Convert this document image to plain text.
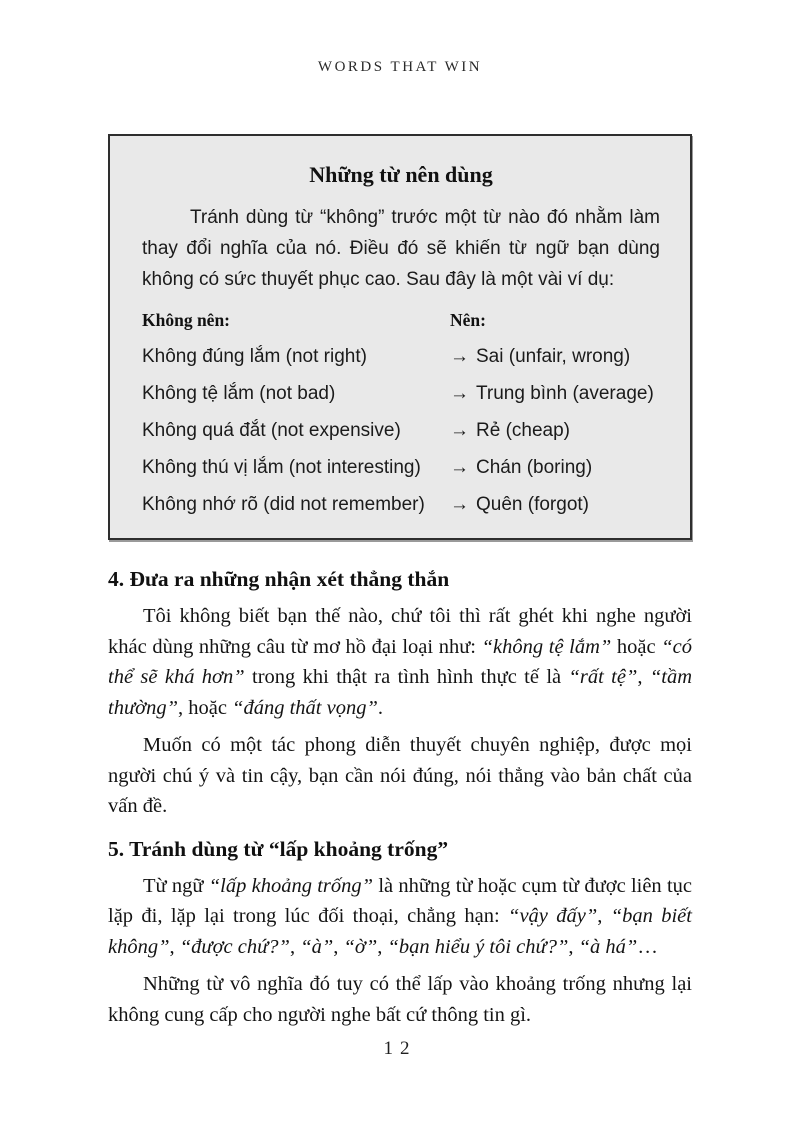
WORDS THAT WIN
Những từ nên dùng
Tránh dùng từ “không” trước một từ nào đó nhằm làm thay đổi nghĩa của nó. Điều đó sẽ khiến từ ngữ bạn dùng không có sức thuyết phục cao. Sau đây là một vài ví dụ:
Không nên:	Nên:
Không đúng lắm (not right)	→ Sai (unfair, wrong)
Không tệ lắm (not bad)	→ Trung bình (average)
Không quá đắt (not expensive)	→ Rẻ (cheap)
Không thú vị lắm (not interesting)	→ Chán (boring)
Không nhớ rõ (did not remember)	→ Quên (forgot)
4. Đưa ra những nhận xét thẳng thắn

Tôi không biết bạn thế nào, chứ tôi thì rất ghét khi nghe người khác dùng những câu từ mơ hồ đại loại như: “không tệ lắm” hoặc “có thể sẽ khá hơn” trong khi thật ra tình hình thực tế là “rất tệ”, “tầm thường”, hoặc “đáng thất vọng”.

Muốn có một tác phong diễn thuyết chuyên nghiệp, được mọi người chú ý và tin cậy, bạn cần nói đúng, nói thẳng vào bản chất của vấn đề.

5. Tránh dùng từ “lấp khoảng trống”

Từ ngữ “lấp khoảng trống” là những từ hoặc cụm từ được liên tục lặp đi, lặp lại trong lúc đối thoại, chẳng hạn: “vậy đấy”, “bạn biết không”, “được chứ?”, “à”, “ờ”, “bạn hiểu ý tôi chứ?”, “à há”…

Những từ vô nghĩa đó tuy có thể lấp vào khoảng trống nhưng lại không cung cấp cho người nghe bất cứ thông tin gì.

12
